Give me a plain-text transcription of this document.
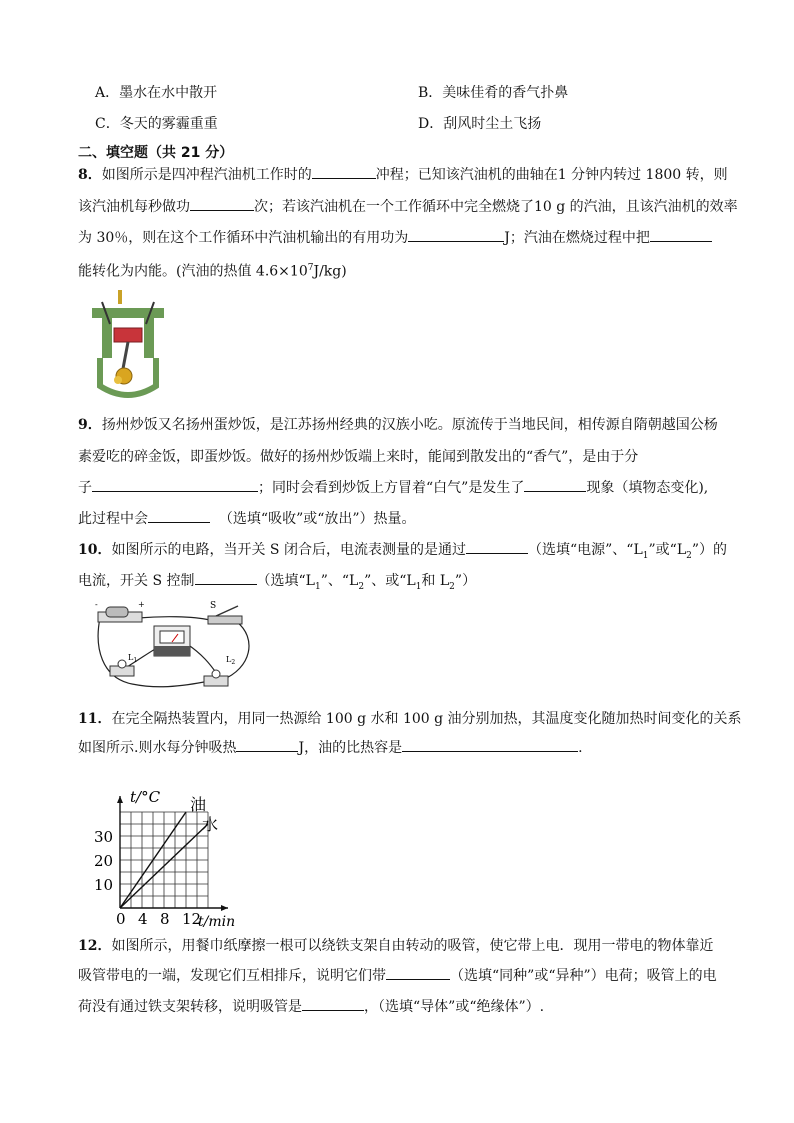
A．墨水在水中散开	B．美味佳肴的香气扑鼻
C．冬天的雾霾重重	D．刮风时尘土飞扬
二、填空题（共 21 分）
8．如图所示是四冲程汽油机工作时的	冲程；已知该汽油机的曲轴在1 分钟内转过 1800 转，则
该汽油机每秒做功	次；若该汽油机在一个工作循环中完全燃烧了10 g 的汽油，且该汽油机的效率
为 30％，则在这个工作循环中汽油机输出的有用功为	J；汽油在燃烧过程中把
能转化为内能。(汽油的热值 $4.6\times 10^7J/kg$)
9．扬州炒饭又名扬州蛋炒饭，是江苏扬州经典的汉族小吃。原流传于当地民间，相传源自隋朝越国公杨
素爱吃的碎金饭，即蛋炒饭。做好的扬州炒饭端上来时，能闻到散发出的“香气”，是由于分
子	；同时会看到炒饭上方冒着“白气”是发生了	现象（填物态变化),
此过程中会	（选填“吸收”或“放出”）热量。
10．如图所示的电路，当开关 S 闭合后，电流表测量的是通过	（选填“电源”、“$L_1$”或“$L_2$”）的
电流，开关 S 控制	（选填“$L_1$”、“$L_2$”、或“$L_1$和 $L_2$”）
-	+	S
$L_1$	$L_2$
11．在完全隔热装置内，用同一热源给 100 g 水和 100 g 油分别加热，其温度变化随加热时间变化的关系
如图所示.则水每分钟吸热	J，油的比热容是	.
0 4 8 12
10
20
30
油
水
t/°C
t/min
12．如图所示，用餐巾纸摩擦一根可以绕铁支架自由转动的吸管，使它带上电．现用一带电的物体靠近
吸管带电的一端，发现它们互相排斥，说明它们带	（选填“同种”或“异种”）电荷；吸管上的电
荷没有通过铁支架转移，说明吸管是	，（选填“导体”或“绝缘体”）.
